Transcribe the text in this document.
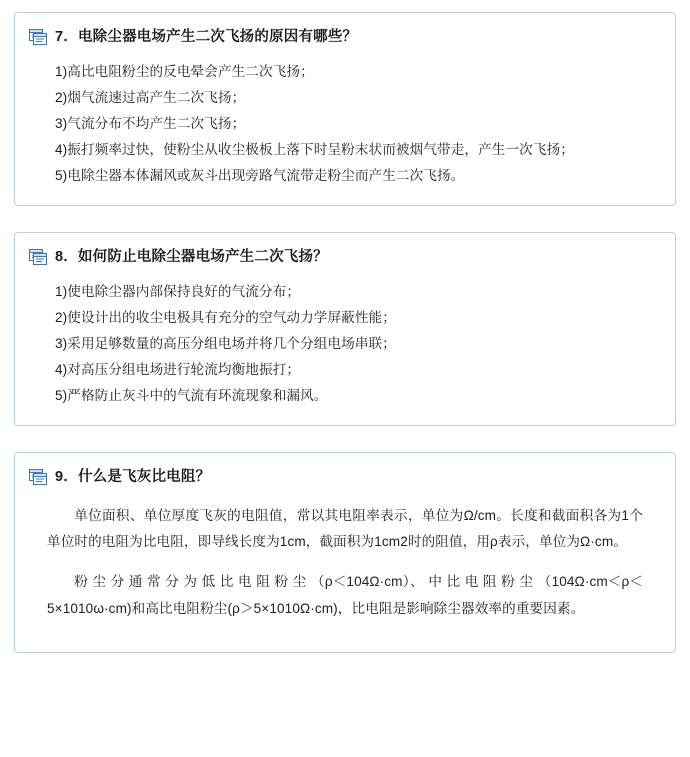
7．电除尘器电场产生二次飞扬的原因有哪些？
1)高比电阻粉尘的反电晕会产生二次飞扬；
2)烟气流速过高产生二次飞扬；
3)气流分布不均产生二次飞扬；
4)振打频率过快，使粉尘从收尘极板上落下时呈粉末状而被烟气带走，产生一次飞扬；
5)电除尘器本体漏风或灰斗出现旁路气流带走粉尘而产生二次飞扬。
8．如何防止电除尘器电场产生二次飞扬？
1)使电除尘器内部保持良好的气流分布；
2)使设计出的收尘电极具有充分的空气动力学屏蔽性能；
3)采用足够数量的高压分组电场并将几个分组电场串联；
4)对高压分组电场进行轮流均衡地振打；
5)严格防止灰斗中的气流有环流现象和漏风。
9．什么是飞灰比电阻？

单位面积、单位厚度飞灰的电阻值，常以其电阻率表示，单位为Ω/cm。长度和截面积各为1个单位时的电阻为比电阻，即导线长度为1cm，截面积为1cm2时的阻值，用ρ表示，单位为Ω·cm。

粉 尘 分 通 常 分 为 低 比 电 阻 粉 尘 （ρ＜104Ω·cm）、 中 比 电 阻 粉 尘 （104Ω·cm＜ρ＜5×1010ω·cm)和高比电阻粉尘(ρ＞5×1010Ω·cm)，比电阻是影响除尘器效率的重要因素。
